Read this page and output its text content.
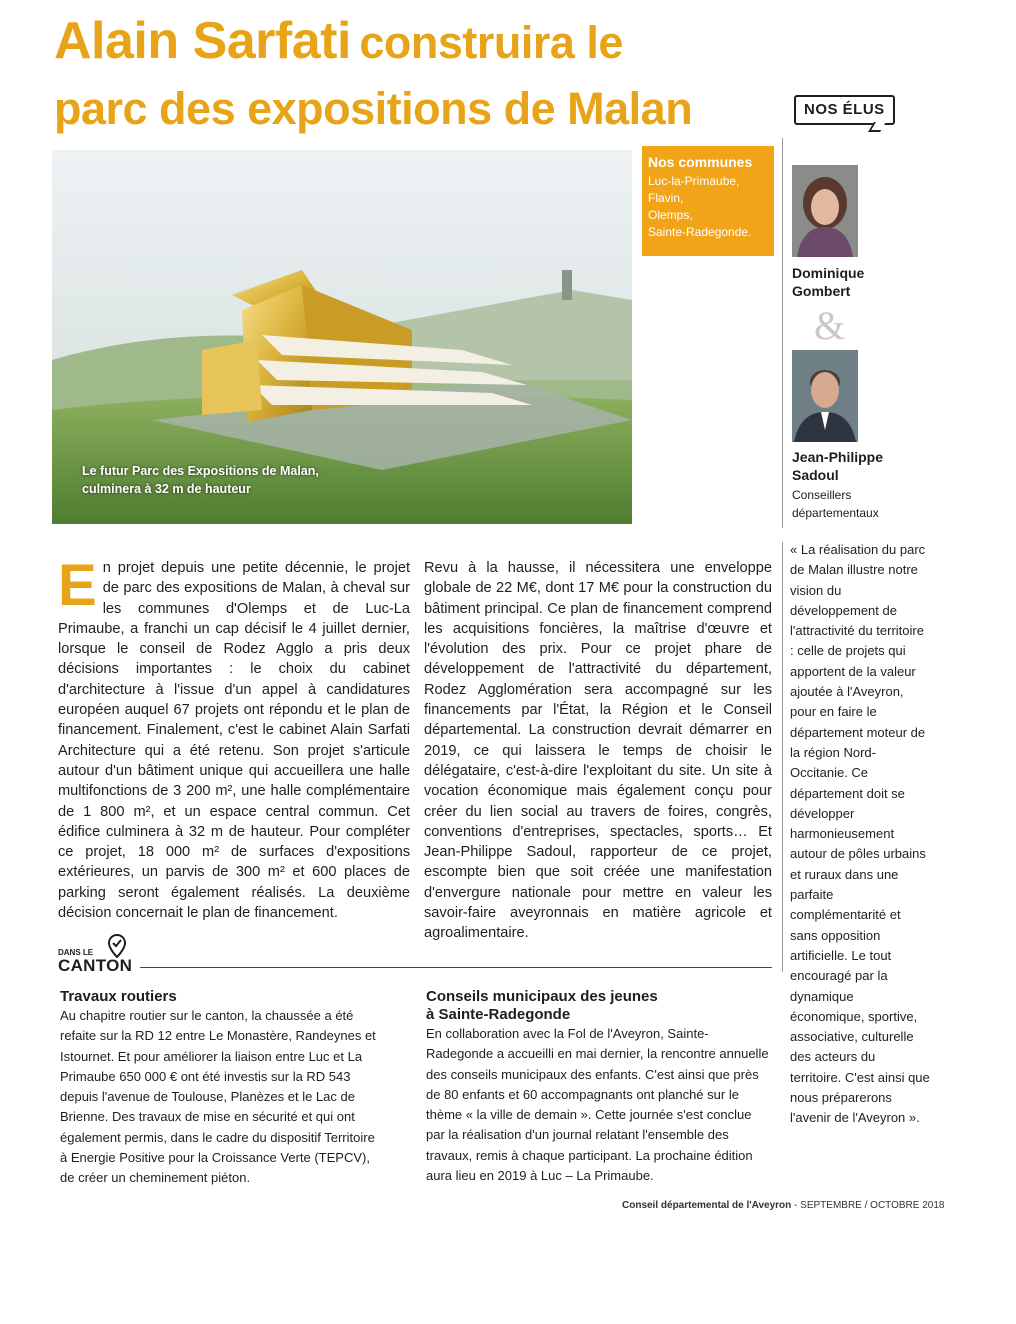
Alain Sarfati construira le
parc des expositions de Malan	NOS ÉLUS
Le futur Parc des Expositions de Malan,
culminera à 32 m de hauteur
Nos communes
Luc-la-Primaube,
Flavin,
Olemps,
Sainte-Radegonde.
Dominique
Gombert
&
Jean-Philippe
Sadoul
Conseillers
départementaux
« La réalisation du parc de Malan illustre notre vision du développement de l'attractivité du territoire : celle de projets qui apportent de la valeur ajoutée à l'Aveyron, pour en faire le département moteur de la région Nord-Occitanie. Ce département doit se développer harmonieusement autour de pôles urbains et ruraux dans une parfaite complémentarité et sans opposition artificielle. Le tout encouragé par la dynamique économique, sportive, associative, culturelle des acteurs du territoire. C'est ainsi que nous préparerons l'avenir de l'Aveyron ».
En projet depuis une petite décennie, le projet de parc des expositions de Malan, à cheval sur les communes d'Olemps et de Luc-La Primaube, a franchi un cap décisif le 4 juillet dernier, lorsque le conseil de Rodez Agglo a pris deux décisions importantes : le choix du cabinet d'architecture à l'issue d'un appel à candidatures européen auquel 67 projets ont répondu et le plan de financement. Finalement, c'est le cabinet Alain Sarfati Architecture qui a été retenu. Son projet s'articule autour d'un bâtiment unique qui accueillera une halle multifonctions de 3 200 m², une halle complémentaire de 1 800 m², et un espace central commun. Cet édifice culminera à 32 m de hauteur. Pour compléter ce projet, 18 000 m² de surfaces d'expositions extérieures, un parvis de 300 m² et 600 places de parking seront également réalisés. La deuxième décision concernait le plan de financement.
Revu à la hausse, il nécessitera une enveloppe globale de 22 M€, dont 17 M€ pour la construction du bâtiment principal. Ce plan de financement comprend les acquisitions foncières, la maîtrise d'œuvre et l'évolution des prix. Pour ce projet phare de développement de l'attractivité du département, Rodez Agglomération sera accompagné sur les financements par l'État, la Région et le Conseil départemental. La construction devrait démarrer en 2019, ce qui laissera le temps de choisir le délégataire, c'est-à-dire l'exploitant du site. Un site à vocation économique mais également conçu pour créer du lien social au travers de foires, congrès, conventions d'entreprises, spectacles, sports… Et Jean-Philippe Sadoul, rapporteur de ce projet, escompte bien que soit créée une manifestation d'envergure nationale pour mettre en valeur les savoir-faire aveyronnais en matière agricole et agroalimentaire.
DANS LE
CANTON
Travaux routiers
Au chapitre routier sur le canton, la chaussée a été refaite sur la RD 12 entre Le Monastère, Randeynes et Istournet. Et pour améliorer la liaison entre Luc et La Primaube 650 000 € ont été investis sur la RD 543 depuis l'avenue de Toulouse, Planèzes et le Lac de Brienne. Des travaux de mise en sécurité et qui ont également permis, dans le cadre du dispositif Territoire à Energie Positive pour la Croissance Verte (TEPCV), de créer un cheminement piéton.
Conseils municipaux des jeunes
à Sainte-Radegonde
En collaboration avec la Fol de l'Aveyron, Sainte-Radegonde a accueilli en mai dernier, la rencontre annuelle des conseils municipaux des enfants. C'est ainsi que près de 80 enfants et 60 accompagnants ont planché sur le thème « la ville de demain ». Cette journée s'est conclue par la réalisation d'un journal relatant l'ensemble des travaux, remis à chaque participant. La prochaine édition aura lieu en 2019 à Luc – La Primaube.
Conseil départemental de l'Aveyron - SEPTEMBRE / OCTOBRE 2018
